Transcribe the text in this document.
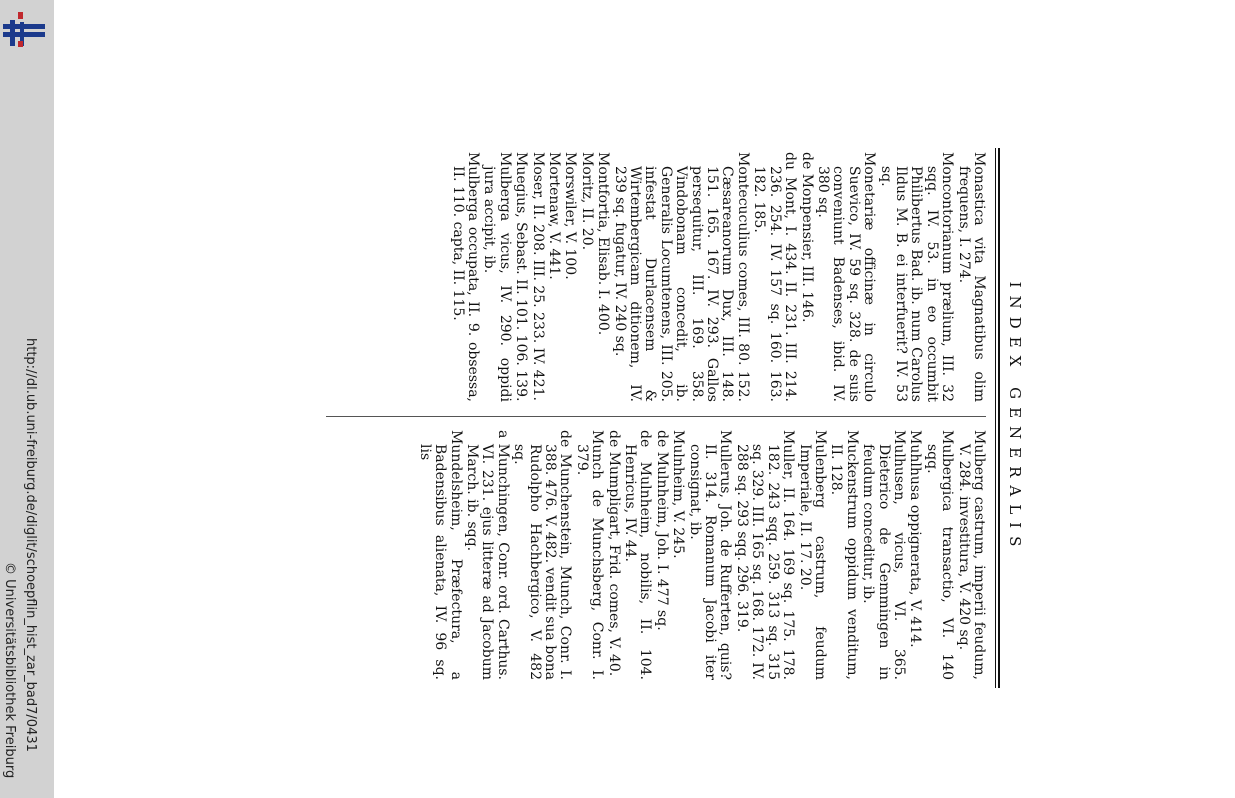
http://dl.ub.uni-freiburg.de/diglit/schoepflin_hist_zar_bad7/0431
© Universitätsbibliothek Freiburg
INDEX GENERALIS
Monastica vita Magnatibus olim frequens, I. 274.
Moncontorianum prælium, III. 32 sqq. IV. 53. in eo occumbit Philibertus Bad. ib. num Carolus Ildus M. B. ei interfuerit? IV. 53 sq.
Monetariæ officinæ in circulo Suevico, IV. 59 sq. 328. de suis conveniunt Badenses, ibid. IV. 380 sq.
de Monpensier, III. 146.
du Mont, I. 434. II. 231. III. 214. 236. 254. IV. 157 sq. 160. 163. 182. 185.
Montecuculius comes, III. 80. 152. Cæsareanorum Dux, III. 148. 151. 165. 167. IV. 293. Gallos persequitur, III. 169. 358. Vindobonam concedit, ib. Generalis Locumtenens, III. 205. infestat Durlacensem & Wirtembergicam ditionem, IV. 239 sq. fugatur, IV. 240 sq.
Montfortia, Elisab. I. 400.
Moritz, II. 20.
Morswiler, V. 100.
Mortenaw, V. 441.
Moser, II. 208. III. 25. 233. IV. 421.
Muegius, Sebast. II. 101. 106. 139.
Mulberga vicus, IV. 290. oppidi jura accipit, ib.
Mulberga occupata, II. 9. obsessa, II. 110. capta, II. 115.
Mulberg castrum, imperii feudum, V. 284. investitura, V. 420 sq.
Mulbergica transactio, VI. 140 sqq.
Muhlhusa oppignerata, V. 414.
Mulhusen, vicus, VI. 365. Dieterico de Gemmingen in feudum conceditur, ib.
Muckenstrum oppidum venditum, II. 128.
Mulenberg castrum, feudum Imperiale, II. 17. 20.
Muller, II. 164. 169 sq. 175. 178. 182. 243 sqq. 259. 313 sq. 315 sq. 329. III. 165 sq. 168. 172. IV. 288 sq. 293 sqq. 296. 319.
Mullerus, Joh. de Rufferten, quis? II. 314. Romanum Jacobi iter consignat, ib.
Mulnheim, V. 245.
de Mulnheim, Joh. I. 477 sq.
de Mulnheim, nobilis, II. 104. Henricus, IV. 44.
de Mumpligart, Frid. comes, V. 40.
Munch de Munchsberg, Conr. I. 379.
de Munchenstein, Munch, Conr. I. 388. 476. V. 482. vendit sua bona Rudolpho Hachbergico, V. 482 sq.
a Munchingen, Conr. ord. Carthus. VI. 231. ejus litteræ ad Jacobum March. ib. sqq.
Mundelsheim, Præfectura, a Badensibus alienata, IV. 96 sq. lis
